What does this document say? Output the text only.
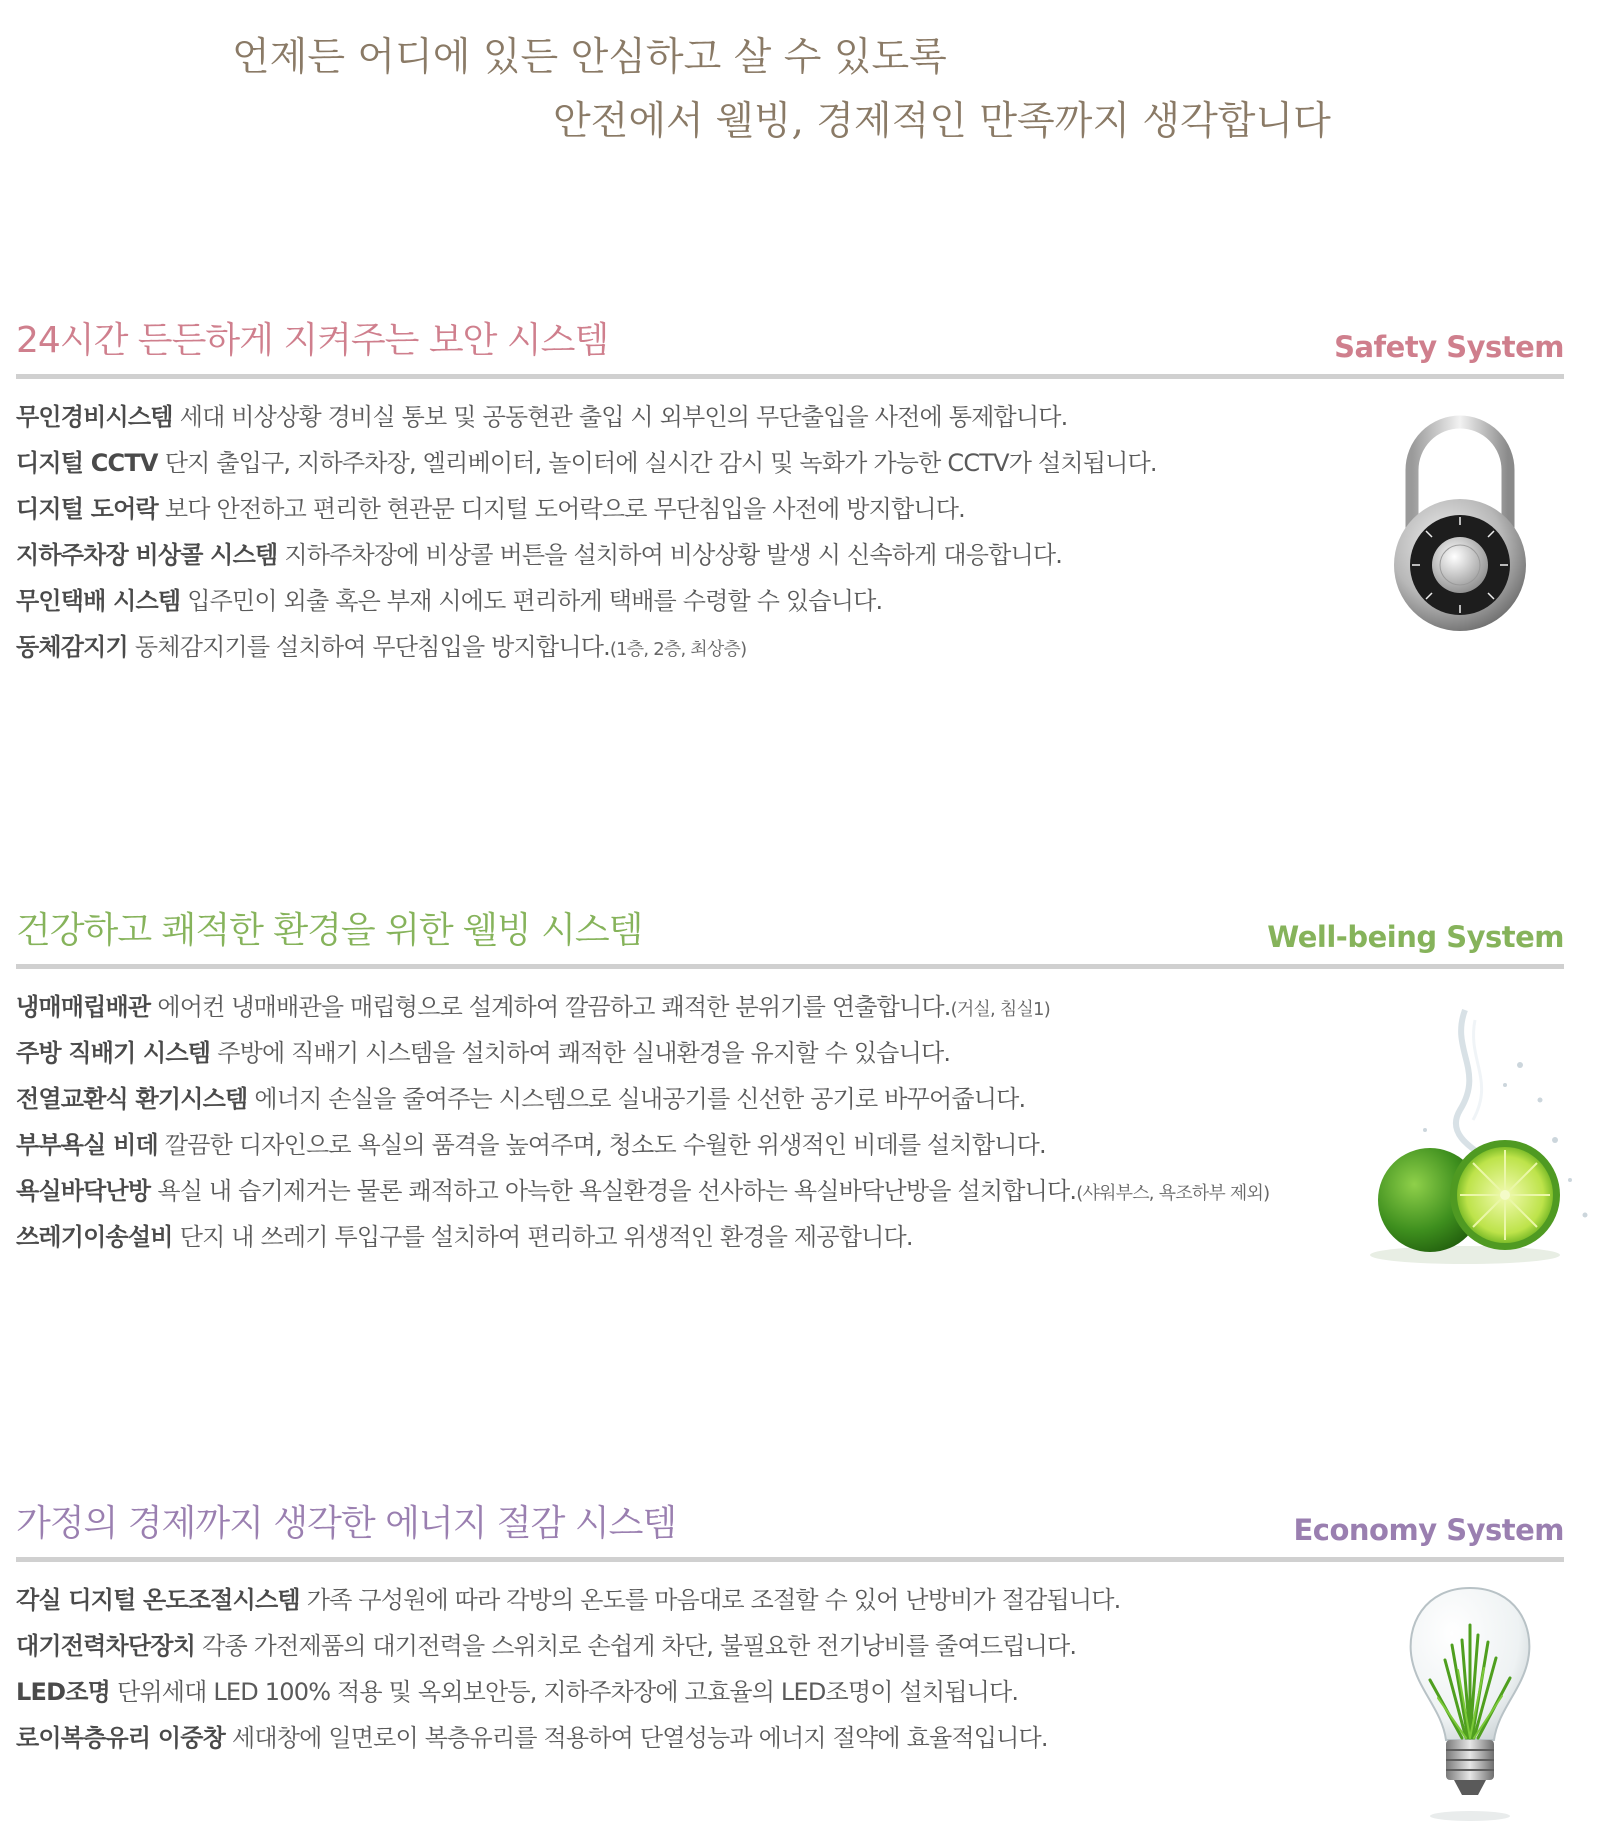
언제든 어디에 있든 안심하고 살 수 있도록
안전에서 웰빙, 경제적인 만족까지 생각합니다
24시간 든든하게 지켜주는 보안 시스템	Safety System
무인경비시스템 세대 비상상황 경비실 통보 및 공동현관 출입 시 외부인의 무단출입을 사전에 통제합니다.
디지털 CCTV 단지 출입구, 지하주차장, 엘리베이터, 놀이터에 실시간 감시 및 녹화가 가능한 CCTV가 설치됩니다.
디지털 도어락 보다 안전하고 편리한 현관문 디지털 도어락으로 무단침입을 사전에 방지합니다.
지하주차장 비상콜 시스템 지하주차장에 비상콜 버튼을 설치하여 비상상황 발생 시 신속하게 대응합니다.
무인택배 시스템 입주민이 외출 혹은 부재 시에도 편리하게 택배를 수령할 수 있습니다.
동체감지기 동체감지기를 설치하여 무단침입을 방지합니다.(1층, 2층, 최상층)
건강하고 쾌적한 환경을 위한 웰빙 시스템	Well-being System
냉매매립배관 에어컨 냉매배관을 매립형으로 설계하여 깔끔하고 쾌적한 분위기를 연출합니다.(거실, 침실1)
주방 직배기 시스템 주방에 직배기 시스템을 설치하여 쾌적한 실내환경을 유지할 수 있습니다.
전열교환식 환기시스템 에너지 손실을 줄여주는 시스템으로 실내공기를 신선한 공기로 바꾸어줍니다.
부부욕실 비데 깔끔한 디자인으로 욕실의 품격을 높여주며, 청소도 수월한 위생적인 비데를 설치합니다.
욕실바닥난방 욕실 내 습기제거는 물론 쾌적하고 아늑한 욕실환경을 선사하는 욕실바닥난방을 설치합니다.(샤워부스, 욕조하부 제외)
쓰레기이송설비 단지 내 쓰레기 투입구를 설치하여 편리하고 위생적인 환경을 제공합니다.
가정의 경제까지 생각한 에너지 절감 시스템	Economy System
각실 디지털 온도조절시스템 가족 구성원에 따라 각방의 온도를 마음대로 조절할 수 있어 난방비가 절감됩니다.
대기전력차단장치 각종 가전제품의 대기전력을 스위치로 손쉽게 차단, 불필요한 전기낭비를 줄여드립니다.
LED조명 단위세대 LED 100% 적용 및 옥외보안등, 지하주차장에 고효율의 LED조명이 설치됩니다.
로이복층유리 이중창 세대창에 일면로이 복층유리를 적용하여 단열성능과 에너지 절약에 효율적입니다.
